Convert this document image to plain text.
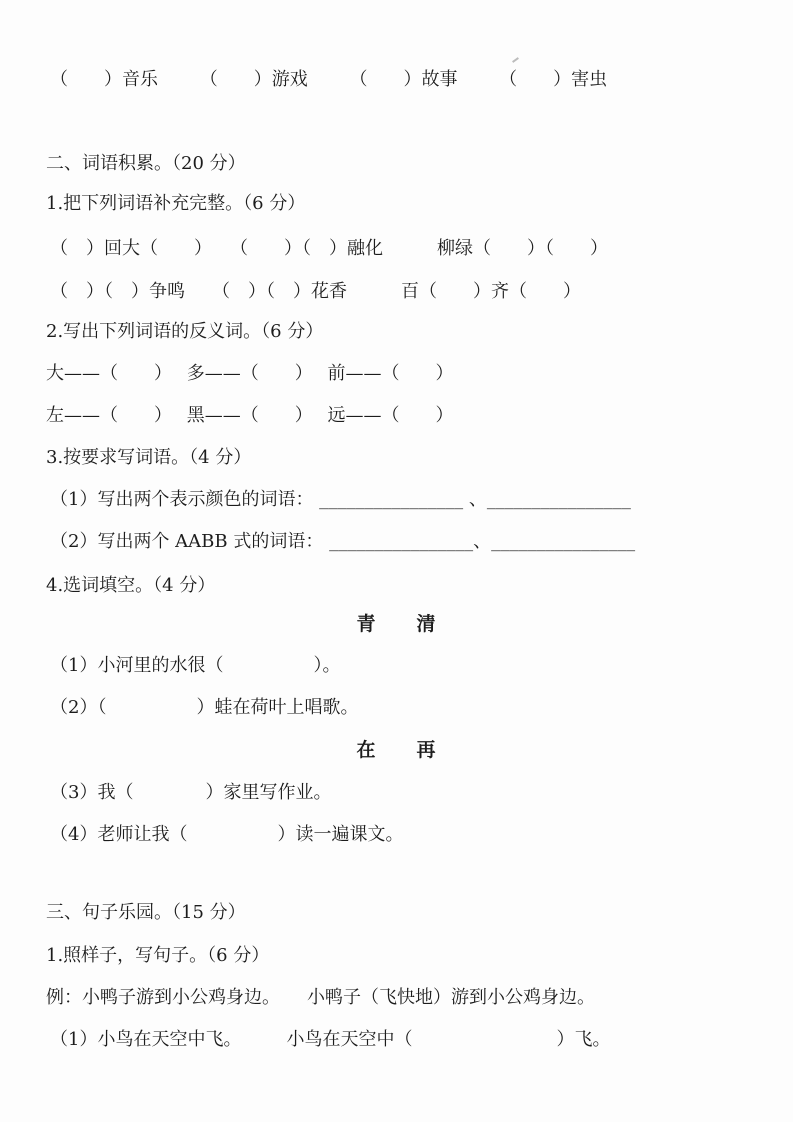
（　　）音乐　　 （　　）游戏　　 （　　）故事　　 （　　）害虫
二、词语积累。（20 分）
1.把下列词语补充完整。（6 分）
（　）回大（　　）　　（　　）（　）融化　　　柳绿（　　）（　　）
（　）（　）争鸣　　（　）（　）花香　　　百（　　）齐（　　）
2.写出下列词语的反义词。（6 分）
大——（　　）　 多——（　　）　 前——（　　）
左——（　　）　 黑——（　　）　 远——（　　）
3.按要求写词语。（4 分）
（1）写出两个表示颜色的词语： ________________ 、________________
（2）写出两个 AABB 式的词语： ________________、________________
4.选词填空。（4 分）
青　　清
（1）小河里的水很（　　　　　）。
（2）（　　　　　）蛙在荷叶上唱歌。
在　　再
（3）我（　　　　）家里写作业。
（4）老师让我（　　　　　）读一遍课文。
三、句子乐园。（15 分）
1.照样子，写句子。（6 分）
例：小鸭子游到小公鸡身边。　　小鸭子（飞快地）游到小公鸡身边。
（1）小鸟在天空中飞。　　　小鸟在天空中（　　　　　　　　）飞。
